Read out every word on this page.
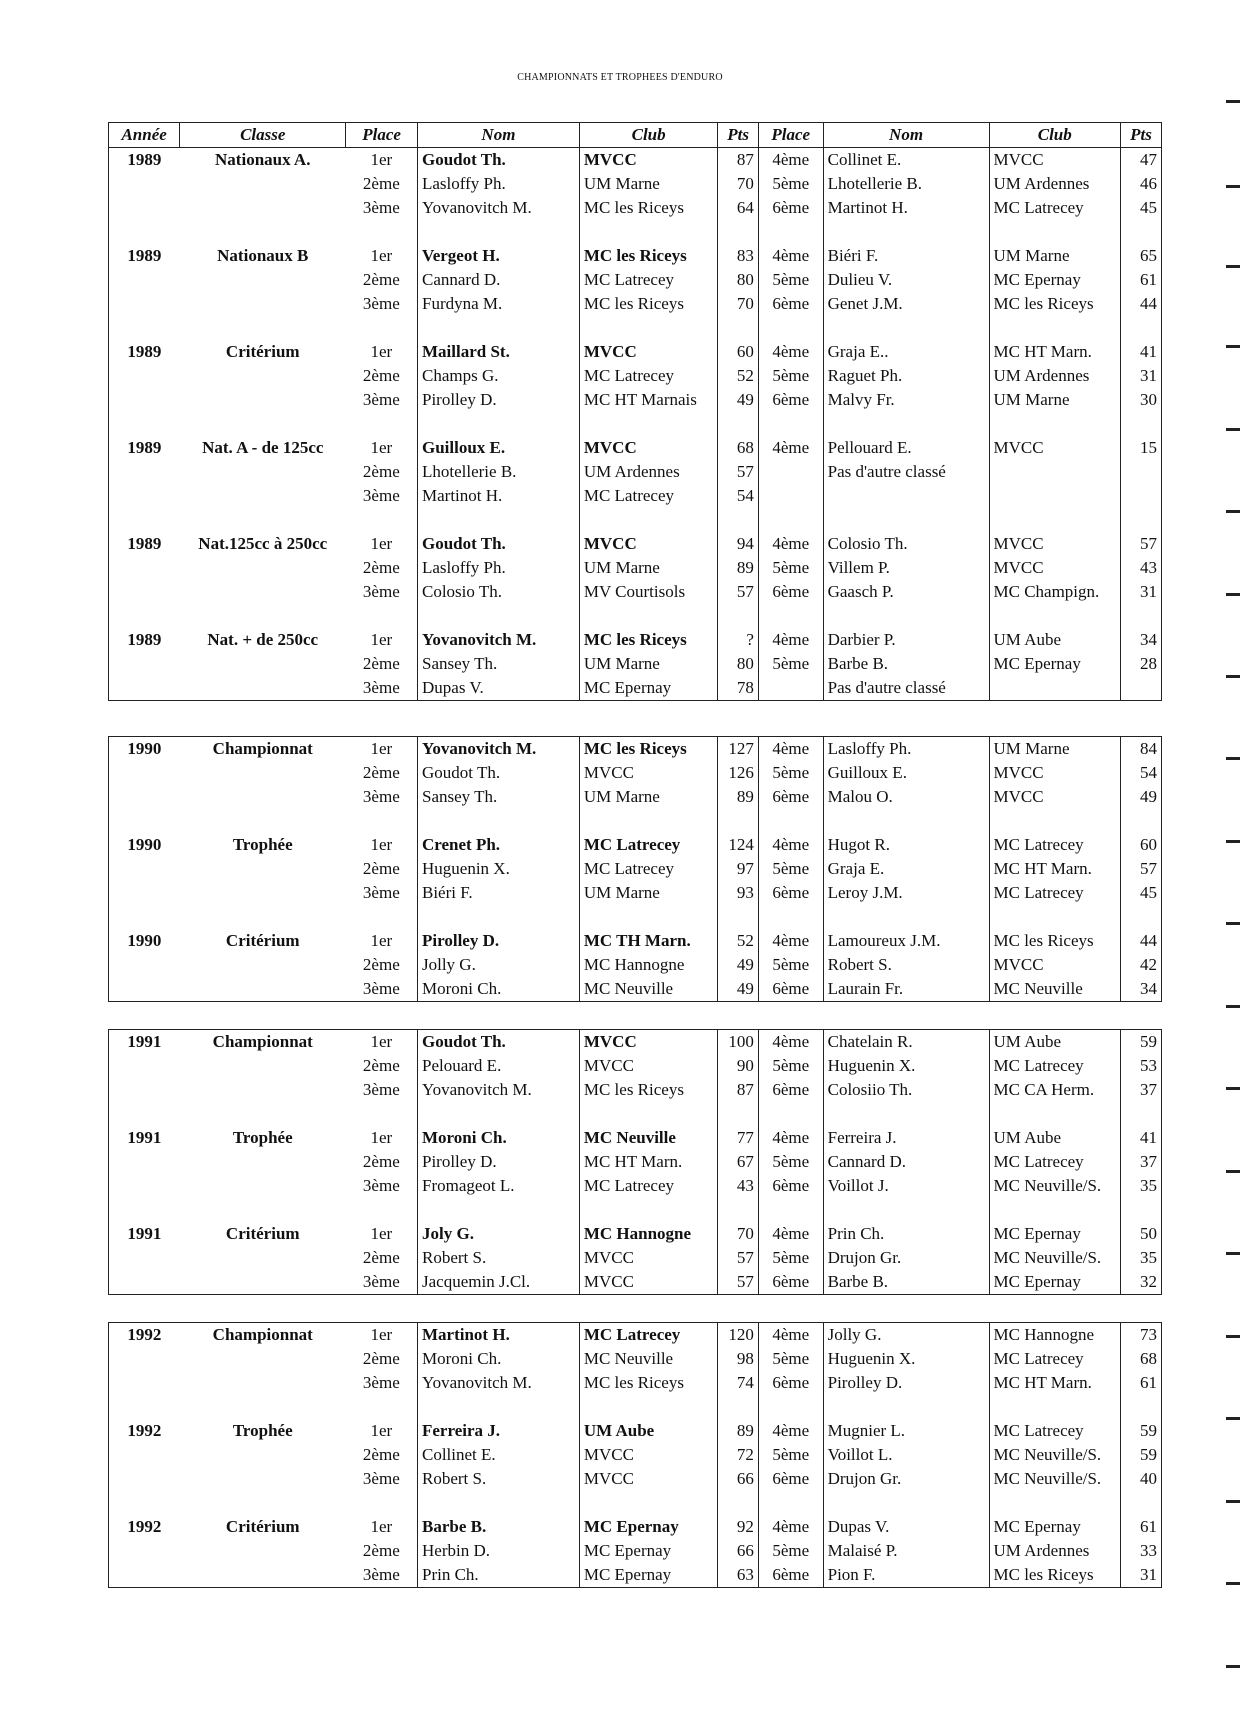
CHAMPIONNATS ET TROPHEES D'ENDURO
Année	Classe	Place	Nom	Club	Pts	Place	Nom	Club	Pts
1989	Nationaux A.	1er	Goudot Th.	MVCC	87	4ème	Collinet E.	MVCC	47
		2ème	Lasloffy Ph.	UM Marne	70	5ème	Lhotellerie B.	UM Ardennes	46
		3ème	Yovanovitch M.	MC les Riceys	64	6ème	Martinot H.	MC Latrecey	45

1989	Nationaux B	1er	Vergeot H.	MC les Riceys	83	4ème	Biéri F.	UM Marne	65
		2ème	Cannard D.	MC Latrecey	80	5ème	Dulieu V.	MC Epernay	61
		3ème	Furdyna M.	MC les Riceys	70	6ème	Genet J.M.	MC les Riceys	44

1989	Critérium	1er	Maillard St.	MVCC	60	4ème	Graja E..	MC HT Marn.	41
		2ème	Champs G.	MC Latrecey	52	5ème	Raguet Ph.	UM Ardennes	31
		3ème	Pirolley D.	MC HT Marnais	49	6ème	Malvy Fr.	UM Marne	30

1989	Nat. A - de 125cc	1er	Guilloux E.	MVCC	68	4ème	Pellouard E.	MVCC	15
		2ème	Lhotellerie B.	UM Ardennes	57		Pas d'autre classé		
		3ème	Martinot H.	MC Latrecey	54				

1989	Nat.125cc à 250cc	1er	Goudot Th.	MVCC	94	4ème	Colosio Th.	MVCC	57
		2ème	Lasloffy Ph.	UM Marne	89	5ème	Villem P.	MVCC	43
		3ème	Colosio Th.	MV Courtisols	57	6ème	Gaasch P.	MC Champign.	31

1989	Nat. + de 250cc	1er	Yovanovitch M.	MC les Riceys	?	4ème	Darbier P.	UM Aube	34
		2ème	Sansey Th.	UM Marne	80	5ème	Barbe B.	MC Epernay	28
		3ème	Dupas V.	MC Epernay	78		Pas d'autre classé		
1990	Championnat	1er	Yovanovitch M.	MC les Riceys	127	4ème	Lasloffy Ph.	UM Marne	84
		2ème	Goudot Th.	MVCC	126	5ème	Guilloux E.	MVCC	54
		3ème	Sansey Th.	UM Marne	89	6ème	Malou O.	MVCC	49

1990	Trophée	1er	Crenet Ph.	MC Latrecey	124	4ème	Hugot R.	MC Latrecey	60
		2ème	Huguenin X.	MC Latrecey	97	5ème	Graja E.	MC HT Marn.	57
		3ème	Biéri F.	UM Marne	93	6ème	Leroy J.M.	MC Latrecey	45

1990	Critérium	1er	Pirolley D.	MC TH Marn.	52	4ème	Lamoureux J.M.	MC les Riceys	44
		2ème	Jolly G.	MC Hannogne	49	5ème	Robert S.	MVCC	42
		3ème	Moroni Ch.	MC Neuville	49	6ème	Laurain Fr.	MC Neuville	34
1991	Championnat	1er	Goudot Th.	MVCC	100	4ème	Chatelain R.	UM Aube	59
		2ème	Pelouard E.	MVCC	90	5ème	Huguenin X.	MC Latrecey	53
		3ème	Yovanovitch M.	MC les Riceys	87	6ème	Colosiio Th.	MC CA Herm.	37

1991	Trophée	1er	Moroni Ch.	MC Neuville	77	4ème	Ferreira J.	UM Aube	41
		2ème	Pirolley D.	MC HT Marn.	67	5ème	Cannard D.	MC Latrecey	37
		3ème	Fromageot L.	MC Latrecey	43	6ème	Voillot J.	MC Neuville/S.	35

1991	Critérium	1er	Joly G.	MC Hannogne	70	4ème	Prin Ch.	MC Epernay	50
		2ème	Robert S.	MVCC	57	5ème	Drujon Gr.	MC Neuville/S.	35
		3ème	Jacquemin J.Cl.	MVCC	57	6ème	Barbe B.	MC Epernay	32
1992	Championnat	1er	Martinot H.	MC Latrecey	120	4ème	Jolly G.	MC Hannogne	73
		2ème	Moroni Ch.	MC Neuville	98	5ème	Huguenin X.	MC Latrecey	68
		3ème	Yovanovitch M.	MC les Riceys	74	6ème	Pirolley D.	MC HT Marn.	61

1992	Trophée	1er	Ferreira J.	UM Aube	89	4ème	Mugnier L.	MC Latrecey	59
		2ème	Collinet E.	MVCC	72	5ème	Voillot L.	MC Neuville/S.	59
		3ème	Robert S.	MVCC	66	6ème	Drujon Gr.	MC Neuville/S.	40

1992	Critérium	1er	Barbe B.	MC Epernay	92	4ème	Dupas V.	MC Epernay	61
		2ème	Herbin D.	MC Epernay	66	5ème	Malaisé P.	UM Ardennes	33
		3ème	Prin Ch.	MC Epernay	63	6ème	Pion F.	MC les Riceys	31
